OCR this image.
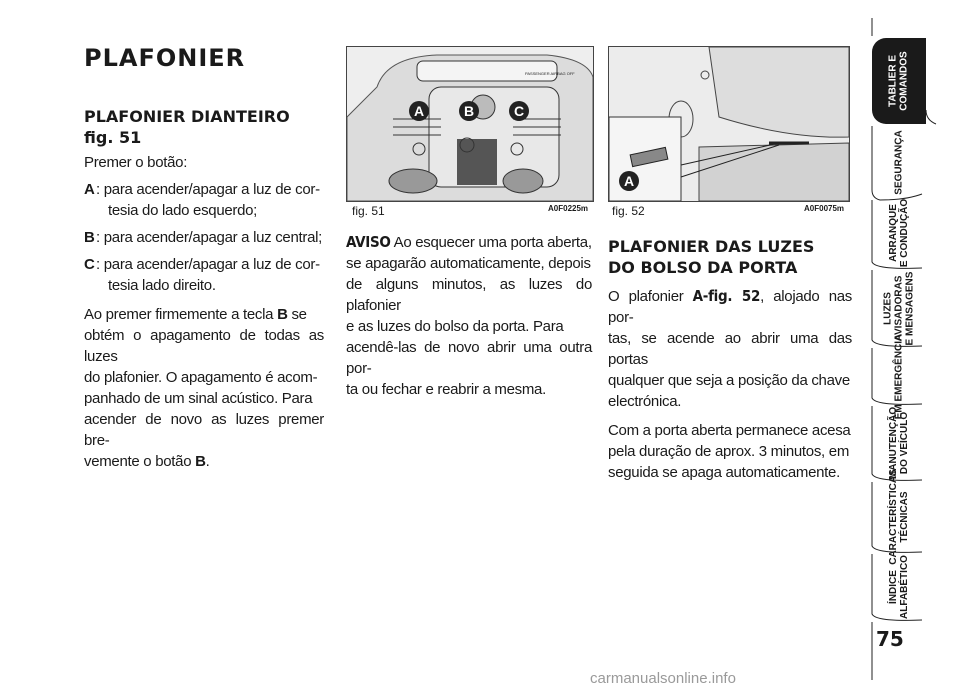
PLAFONIER

PLAFONIER DIANTEIRO
fig. 51

Premer o botão:

A : para acender/apagar a luz de cor-
tesia do lado esquerdo;
B : para acender/apagar a luz central;
C : para acender/apagar a luz de cor-
tesia lado direito.

Ao premer firmemente a tecla B se
obtém o apagamento de todas as luzes
do plafonier. O apagamento é acom-
panhado de um sinal acústico. Para
acender de novo as luzes premer bre-
vemente o botão B.

A	B	C
PASSENGER AIRBAG OFF
fig. 51	A0F0225m

AVISO Ao esquecer uma porta aberta,
se apagarão automaticamente, depois
de alguns minutos, as luzes do plafonier
e as luzes do bolso da porta. Para
acendê-las de novo abrir uma outra por-
ta ou fechar e reabrir a mesma.

A
fig. 52	A0F0075m

PLAFONIER DAS LUZES
DO BOLSO DA PORTA

O plafonier A-fig. 52, alojado nas por-
tas, se acende ao abrir uma das portas
qualquer que seja a posição da chave
electrónica.

Com a porta aberta permanece acesa
pela duração de aprox. 3 minutos, em
seguida se apaga automaticamente.

TABLIER E
COMANDOS
SEGURANÇA
ARRANQUE
E CONDUÇÃO
LUZES
AVISADORAS
E MENSAGENS
EM EMERGÊNCIA
MANUTENÇÃO
DO VEÍCULO
CARACTERÍSTICAS
TÉCNICAS
ÍNDICE
ALFABÉTICO
75
carmanualsonline.info
